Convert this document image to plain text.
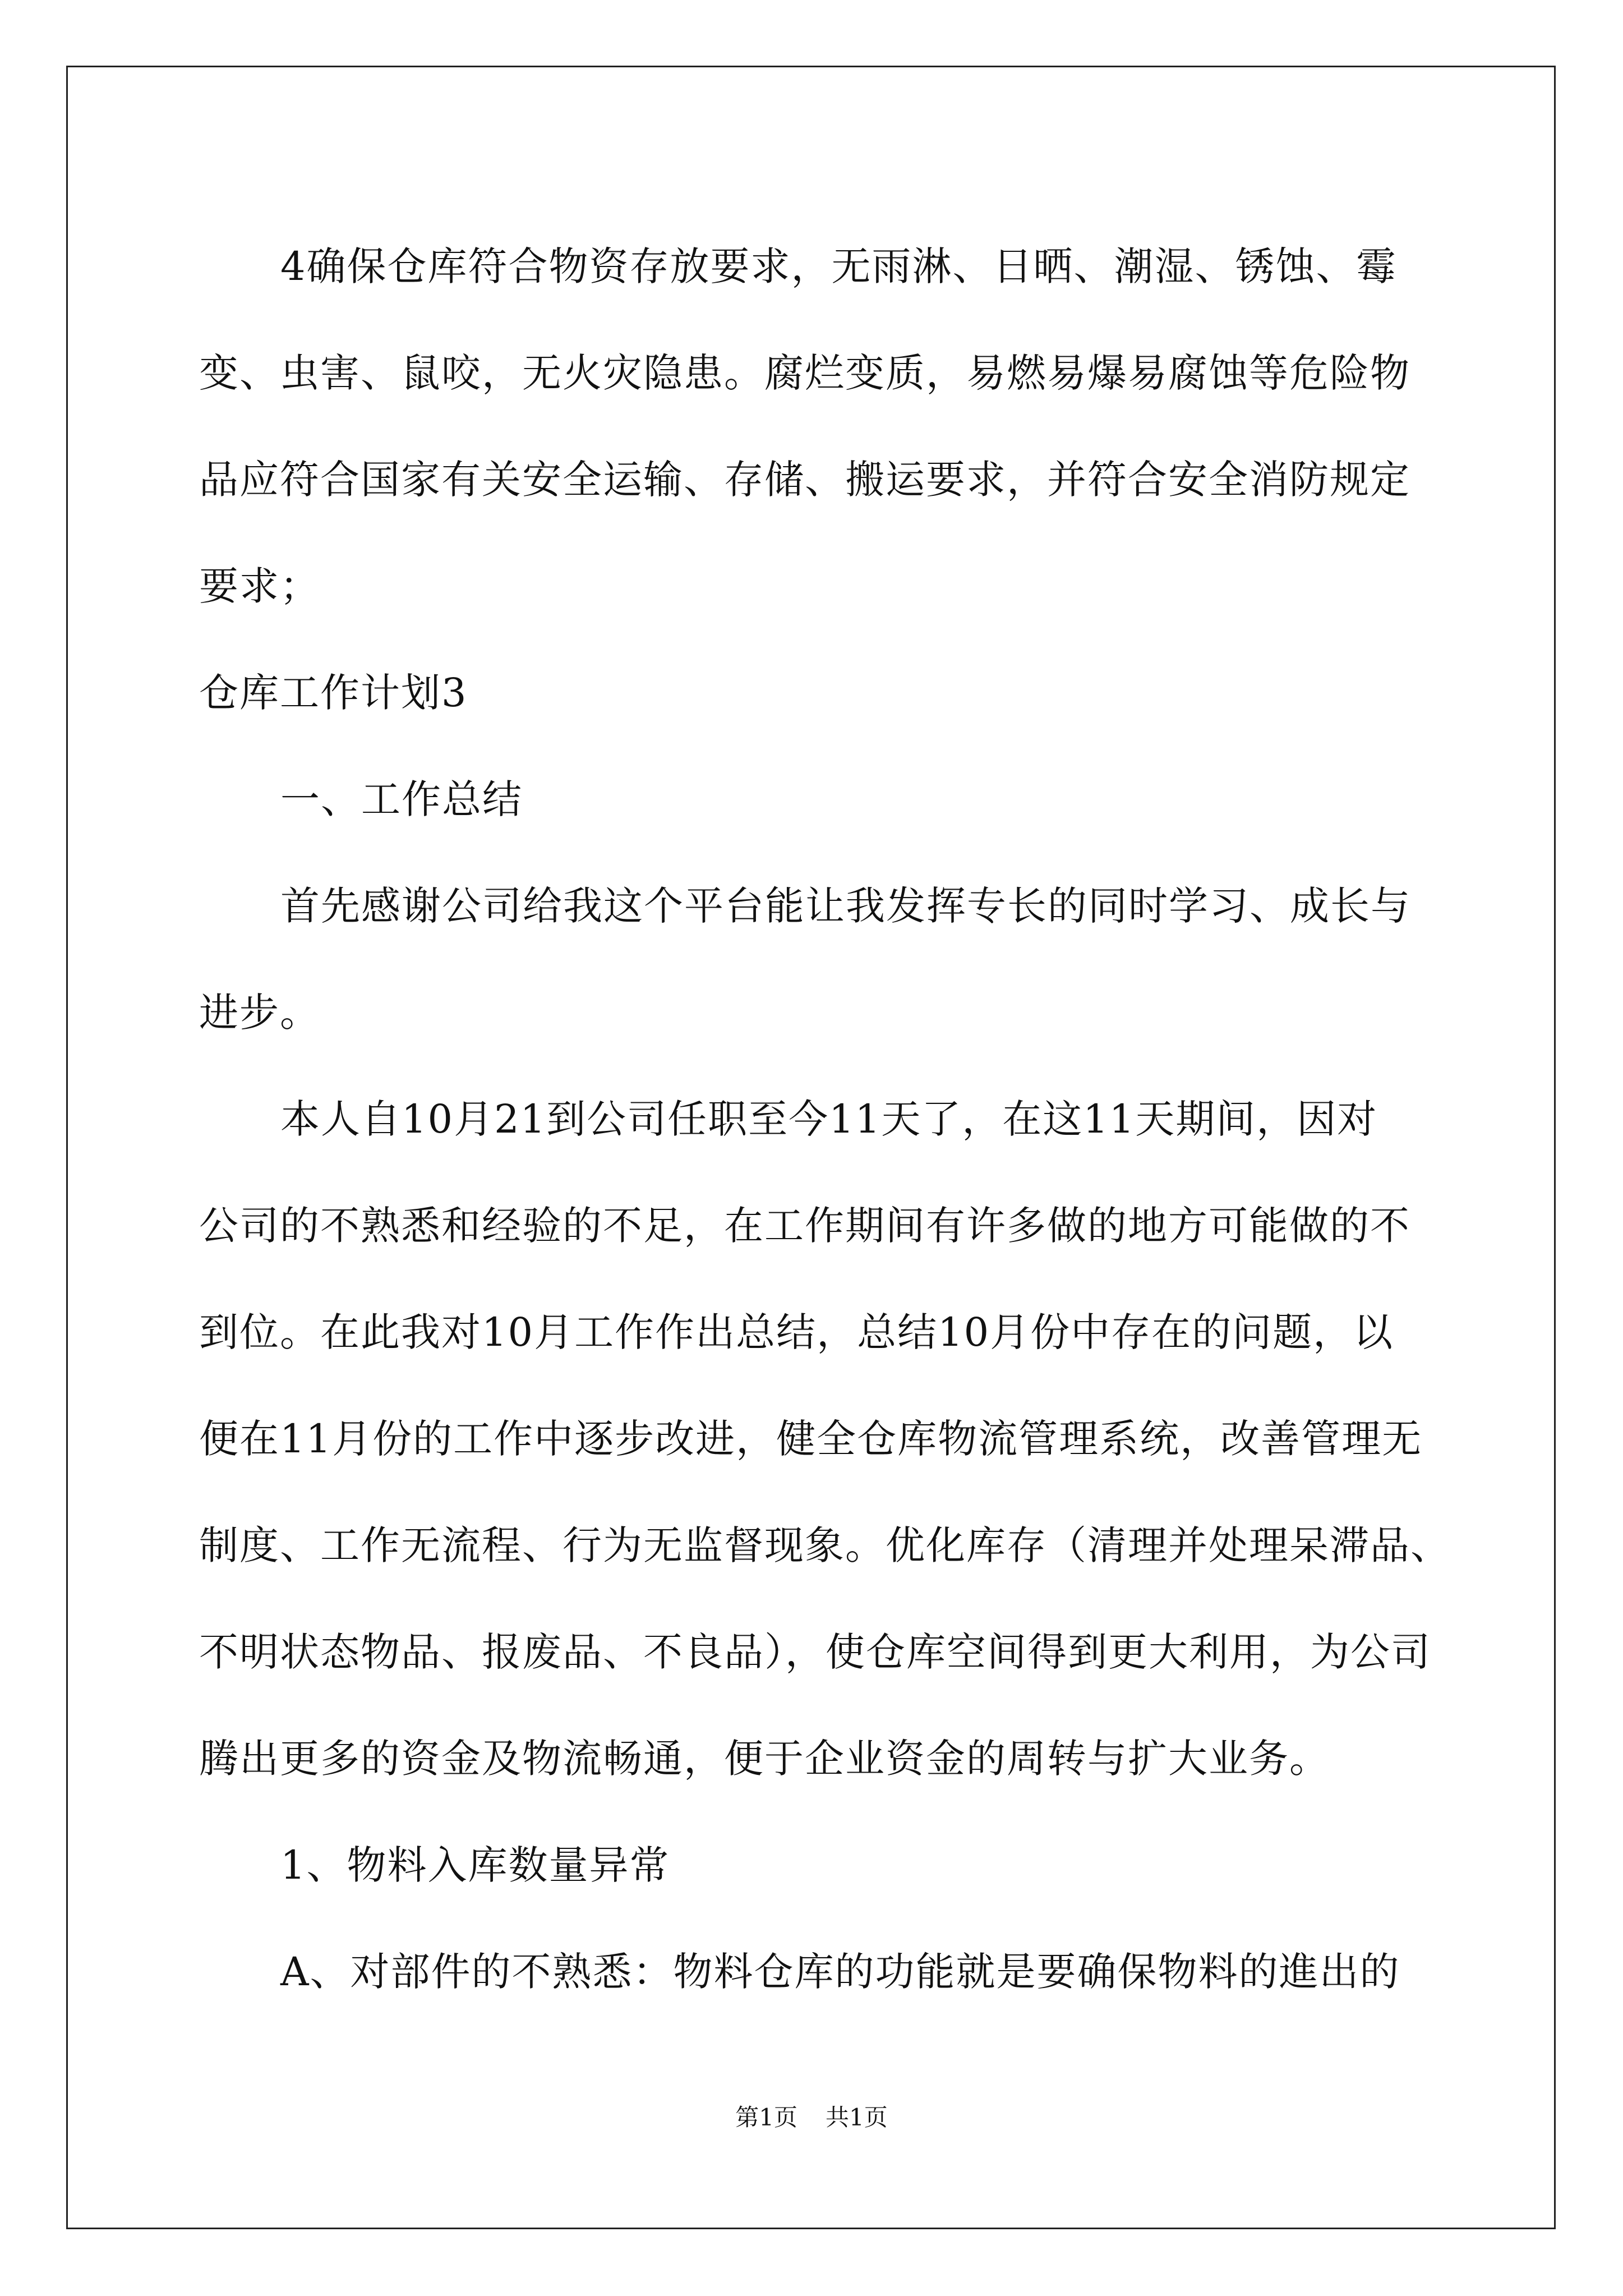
4确保仓库符合物资存放要求，无雨淋、日晒、潮湿、锈蚀、霉

变、虫害、鼠咬，无火灾隐患。腐烂变质，易燃易爆易腐蚀等危险物

品应符合国家有关安全运输、存储、搬运要求，并符合安全消防规定

要求；

仓库工作计划3

一、工作总结

首先感谢公司给我这个平台能让我发挥专长的同时学习、成长与

进步。

本人自10月21到公司任职至今11天了，在这11天期间，因对

公司的不熟悉和经验的不足，在工作期间有许多做的地方可能做的不

到位。在此我对10月工作作出总结，总结10月份中存在的问题，以

便在11月份的工作中逐步改进，健全仓库物流管理系统，改善管理无

制度、工作无流程、行为无监督现象。优化库存（清理并处理呆滞品、

不明状态物品、报废品、不良品），使仓库空间得到更大利用，为公司

腾出更多的资金及物流畅通，便于企业资金的周转与扩大业务。

1、物料入库数量异常

A、对部件的不熟悉：物料仓库的功能就是要确保物料的進出的

第1页 共1页
